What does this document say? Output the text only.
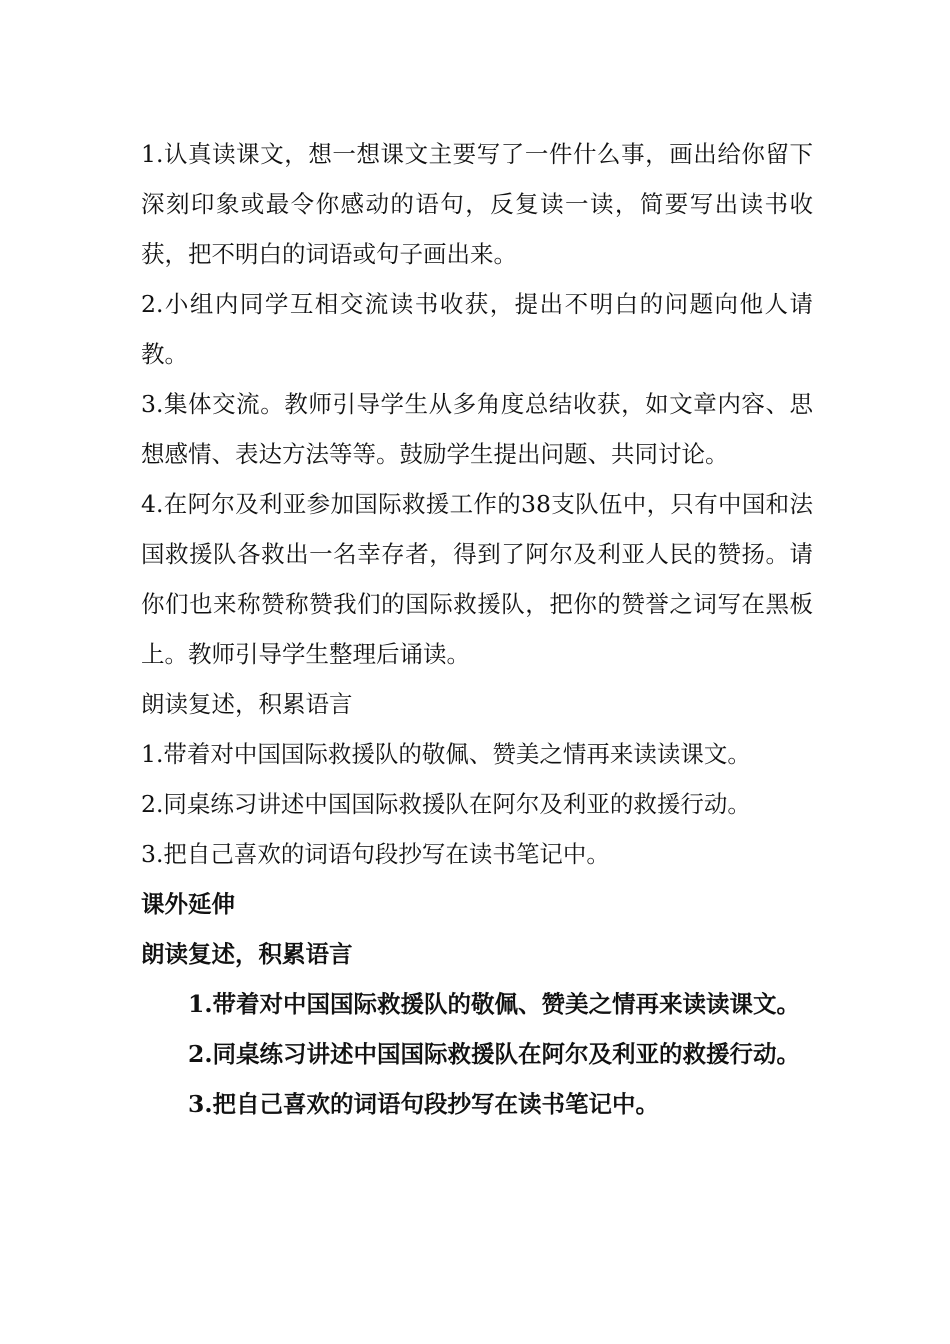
1.认真读课文，想一想课文主要写了一件什么事，画出给你留下深刻印象或最令你感动的语句，反复读一读，简要写出读书收获，把不明白的词语或句子画出来。

2.小组内同学互相交流读书收获，提出不明白的问题向他人请教。

3.集体交流。教师引导学生从多角度总结收获，如文章内容、思想感情、表达方法等等。鼓励学生提出问题、共同讨论。

4.在阿尔及利亚参加国际救援工作的38支队伍中，只有中国和法国救援队各救出一名幸存者，得到了阿尔及利亚人民的赞扬。请你们也来称赞称赞我们的国际救援队，把你的赞誉之词写在黑板上。教师引导学生整理后诵读。

朗读复述，积累语言

1.带着对中国国际救援队的敬佩、赞美之情再来读读课文。

2.同桌练习讲述中国国际救援队在阿尔及利亚的救援行动。

3.把自己喜欢的词语句段抄写在读书笔记中。

课外延伸

朗读复述，积累语言

1.带着对中国国际救援队的敬佩、赞美之情再来读读课文。

2.同桌练习讲述中国国际救援队在阿尔及利亚的救援行动。

3.把自己喜欢的词语句段抄写在读书笔记中。
